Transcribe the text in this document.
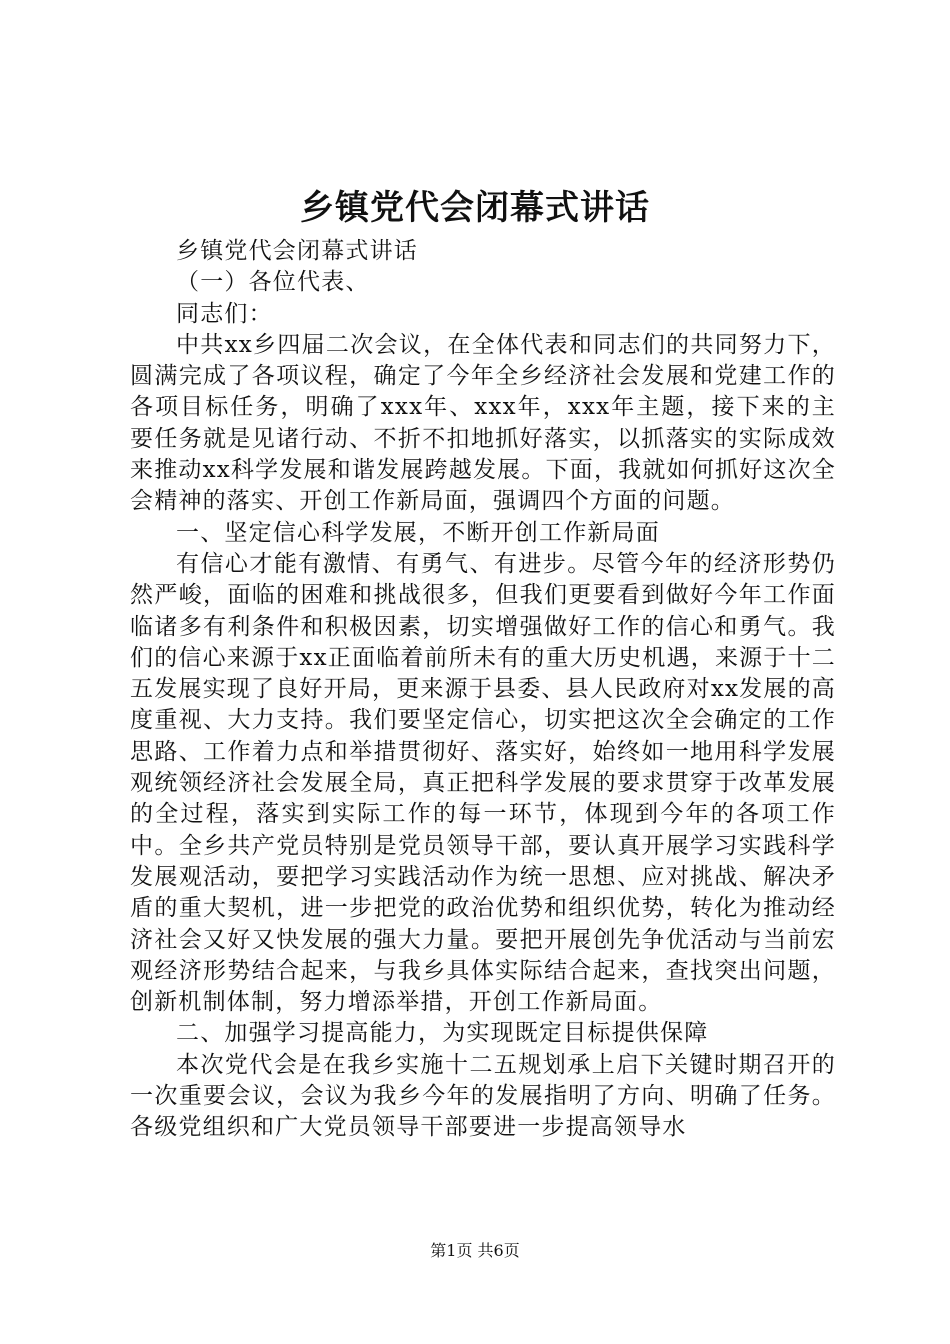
乡镇党代会闭幕式讲话

乡镇党代会闭幕式讲话

（一）各位代表、

同志们：

中共xx乡四届二次会议，在全体代表和同志们的共同努力下，圆满完成了各项议程，确定了今年全乡经济社会发展和党建工作的各项目标任务，明确了xxx年、xxx年，xxx年主题，接下来的主要任务就是见诸行动、不折不扣地抓好落实，以抓落实的实际成效来推动xx科学发展和谐发展跨越发展。下面，我就如何抓好这次全会精神的落实、开创工作新局面，强调四个方面的问题。

一、坚定信心科学发展，不断开创工作新局面

有信心才能有激情、有勇气、有进步。尽管今年的经济形势仍然严峻，面临的困难和挑战很多，但我们更要看到做好今年工作面临诸多有利条件和积极因素，切实增强做好工作的信心和勇气。我们的信心来源于xx正面临着前所未有的重大历史机遇，来源于十二五发展实现了良好开局，更来源于县委、县人民政府对xx发展的高度重视、大力支持。我们要坚定信心，切实把这次全会确定的工作思路、工作着力点和举措贯彻好、落实好，始终如一地用科学发展观统领经济社会发展全局，真正把科学发展的要求贯穿于改革发展的全过程，落实到实际工作的每一环节，体现到今年的各项工作中。全乡共产党员特别是党员领导干部，要认真开展学习实践科学发展观活动，要把学习实践活动作为统一思想、应对挑战、解决矛盾的重大契机，进一步把党的政治优势和组织优势，转化为推动经济社会又好又快发展的强大力量。要把开展创先争优活动与当前宏观经济形势结合起来，与我乡具体实际结合起来，查找突出问题，创新机制体制，努力增添举措，开创工作新局面。

二、加强学习提高能力，为实现既定目标提供保障

本次党代会是在我乡实施十二五规划承上启下关键时期召开的一次重要会议，会议为我乡今年的发展指明了方向、明确了任务。各级党组织和广大党员领导干部要进一步提高领导水

第1页 共6页
